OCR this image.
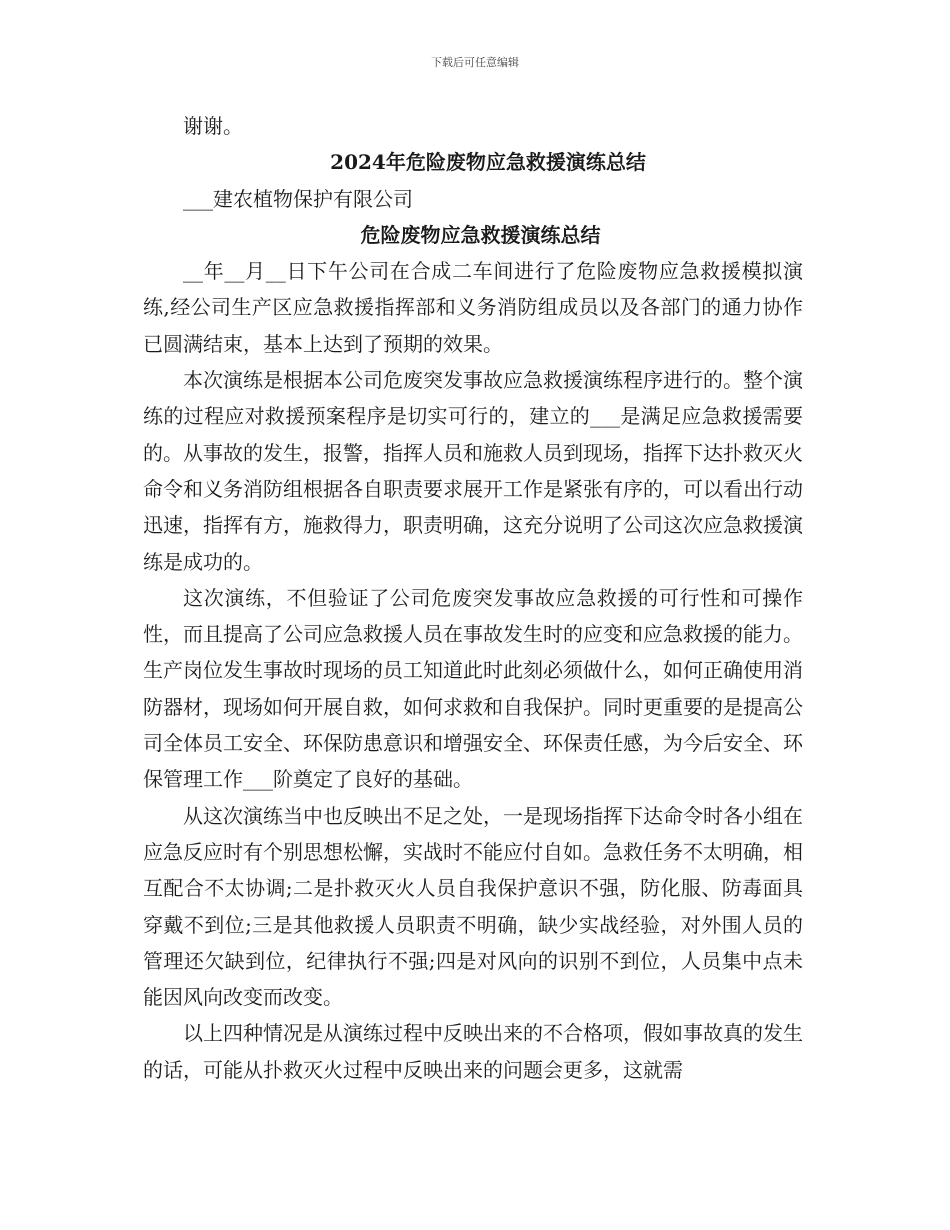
下载后可任意编辑

谢谢。

2024年危险废物应急救援演练总结

___建农植物保护有限公司

危险废物应急救援演练总结

__年__月__日下午公司在合成二车间进行了危险废物应急救援模拟演练,经公司生产区应急救援指挥部和义务消防组成员以及各部门的通力协作已圆满结束，基本上达到了预期的效果。

本次演练是根据本公司危废突发事故应急救援演练程序进行的。整个演练的过程应对救援预案程序是切实可行的，建立的___是满足应急救援需要的。从事故的发生，报警，指挥人员和施救人员到现场，指挥下达扑救灭火命令和义务消防组根据各自职责要求展开工作是紧张有序的，可以看出行动迅速，指挥有方，施救得力，职责明确，这充分说明了公司这次应急救援演练是成功的。

这次演练，不但验证了公司危废突发事故应急救援的可行性和可操作性，而且提高了公司应急救援人员在事故发生时的应变和应急救援的能力。生产岗位发生事故时现场的员工知道此时此刻必须做什么，如何正确使用消防器材，现场如何开展自救，如何求救和自我保护。同时更重要的是提高公司全体员工安全、环保防患意识和增强安全、环保责任感，为今后安全、环保管理工作___阶奠定了良好的基础。

从这次演练当中也反映出不足之处，一是现场指挥下达命令时各小组在应急反应时有个别思想松懈，实战时不能应付自如。急救任务不太明确，相互配合不太协调;二是扑救灭火人员自我保护意识不强，防化服、防毒面具穿戴不到位;三是其他救援人员职责不明确，缺少实战经验，对外围人员的管理还欠缺到位，纪律执行不强;四是对风向的识别不到位，人员集中点未能因风向改变而改变。

以上四种情况是从演练过程中反映出来的不合格项，假如事故真的发生的话，可能从扑救灭火过程中反映出来的问题会更多，这就需
